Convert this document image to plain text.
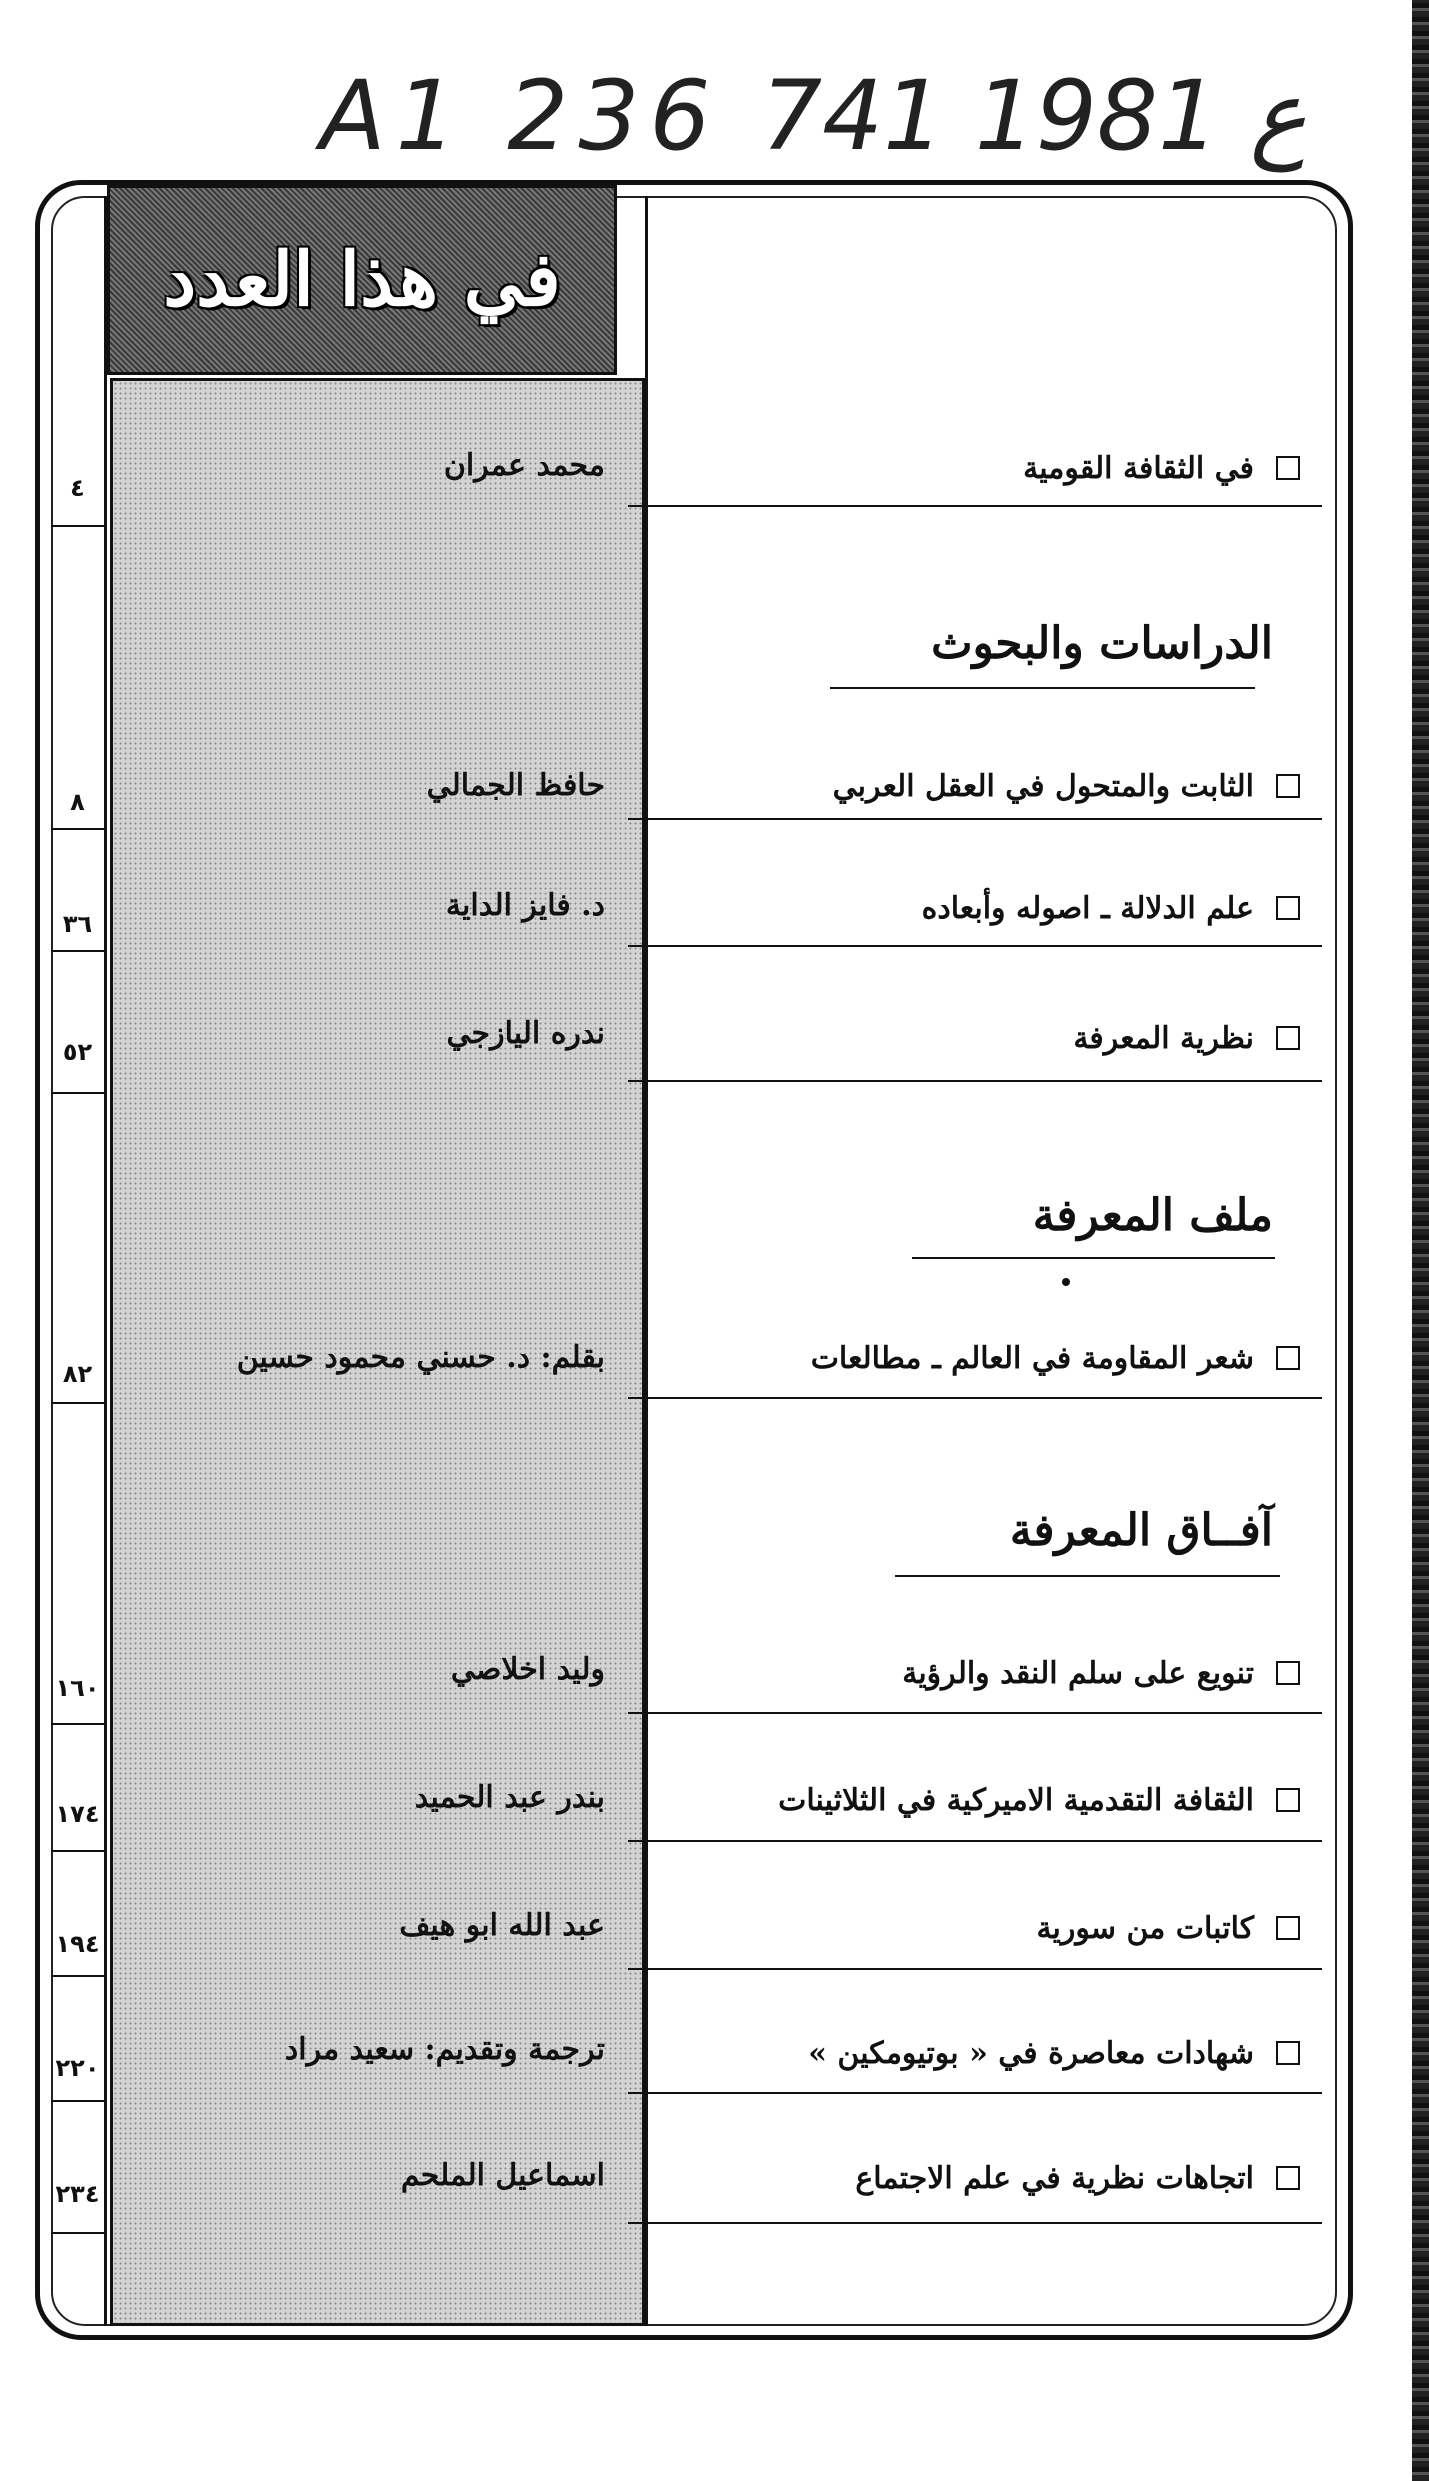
A1 236 ع 1981 741
في هذا العدد
في الثقافة القومية
محمد عمران
٤
الدراسات والبحوث
الثابت والمتحول في العقل العربي
حافظ الجمالي
٨
علم الدلالة ـ اصوله وأبعاده
د. فايز الداية
٣٦
نظرية المعرفة
ندره اليازجي
٥٢
ملف المعرفة
شعر المقاومة في العالم ـ مطالعات
بقلم: د. حسني محمود حسين
٨٢
آفــاق المعرفة
تنويع على سلم النقد والرؤية
وليد اخلاصي
١٦٠
الثقافة التقدمية الاميركية في الثلاثينات
بندر عبد الحميد
١٧٤
كاتبات من سورية
عبد الله ابو هيف
١٩٤
شهادات معاصرة في « بوتيومكين »
ترجمة وتقديم: سعيد مراد
٢٢٠
اتجاهات نظرية في علم الاجتماع
اسماعيل الملحم
٢٣٤
